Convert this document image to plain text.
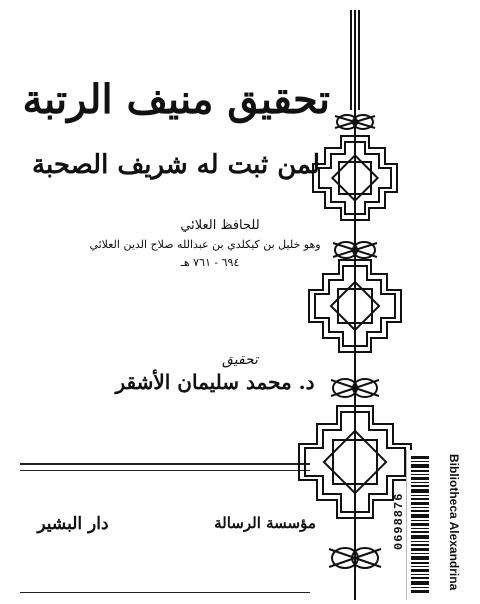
تحقيق منيف الرتبة
لمن ثبت له شريف الصحبة
للحافظ العلائي
وهو خليل بن كيكلدي بن عبدالله صلاح الدين العلائي
٦٩٤ - ٧٦١ هـ
تحقيق
د. محمد سليمان الأشقر
مؤسسة الرسالة
دار البشير	Bibliotheca Alexandrina
0698876
